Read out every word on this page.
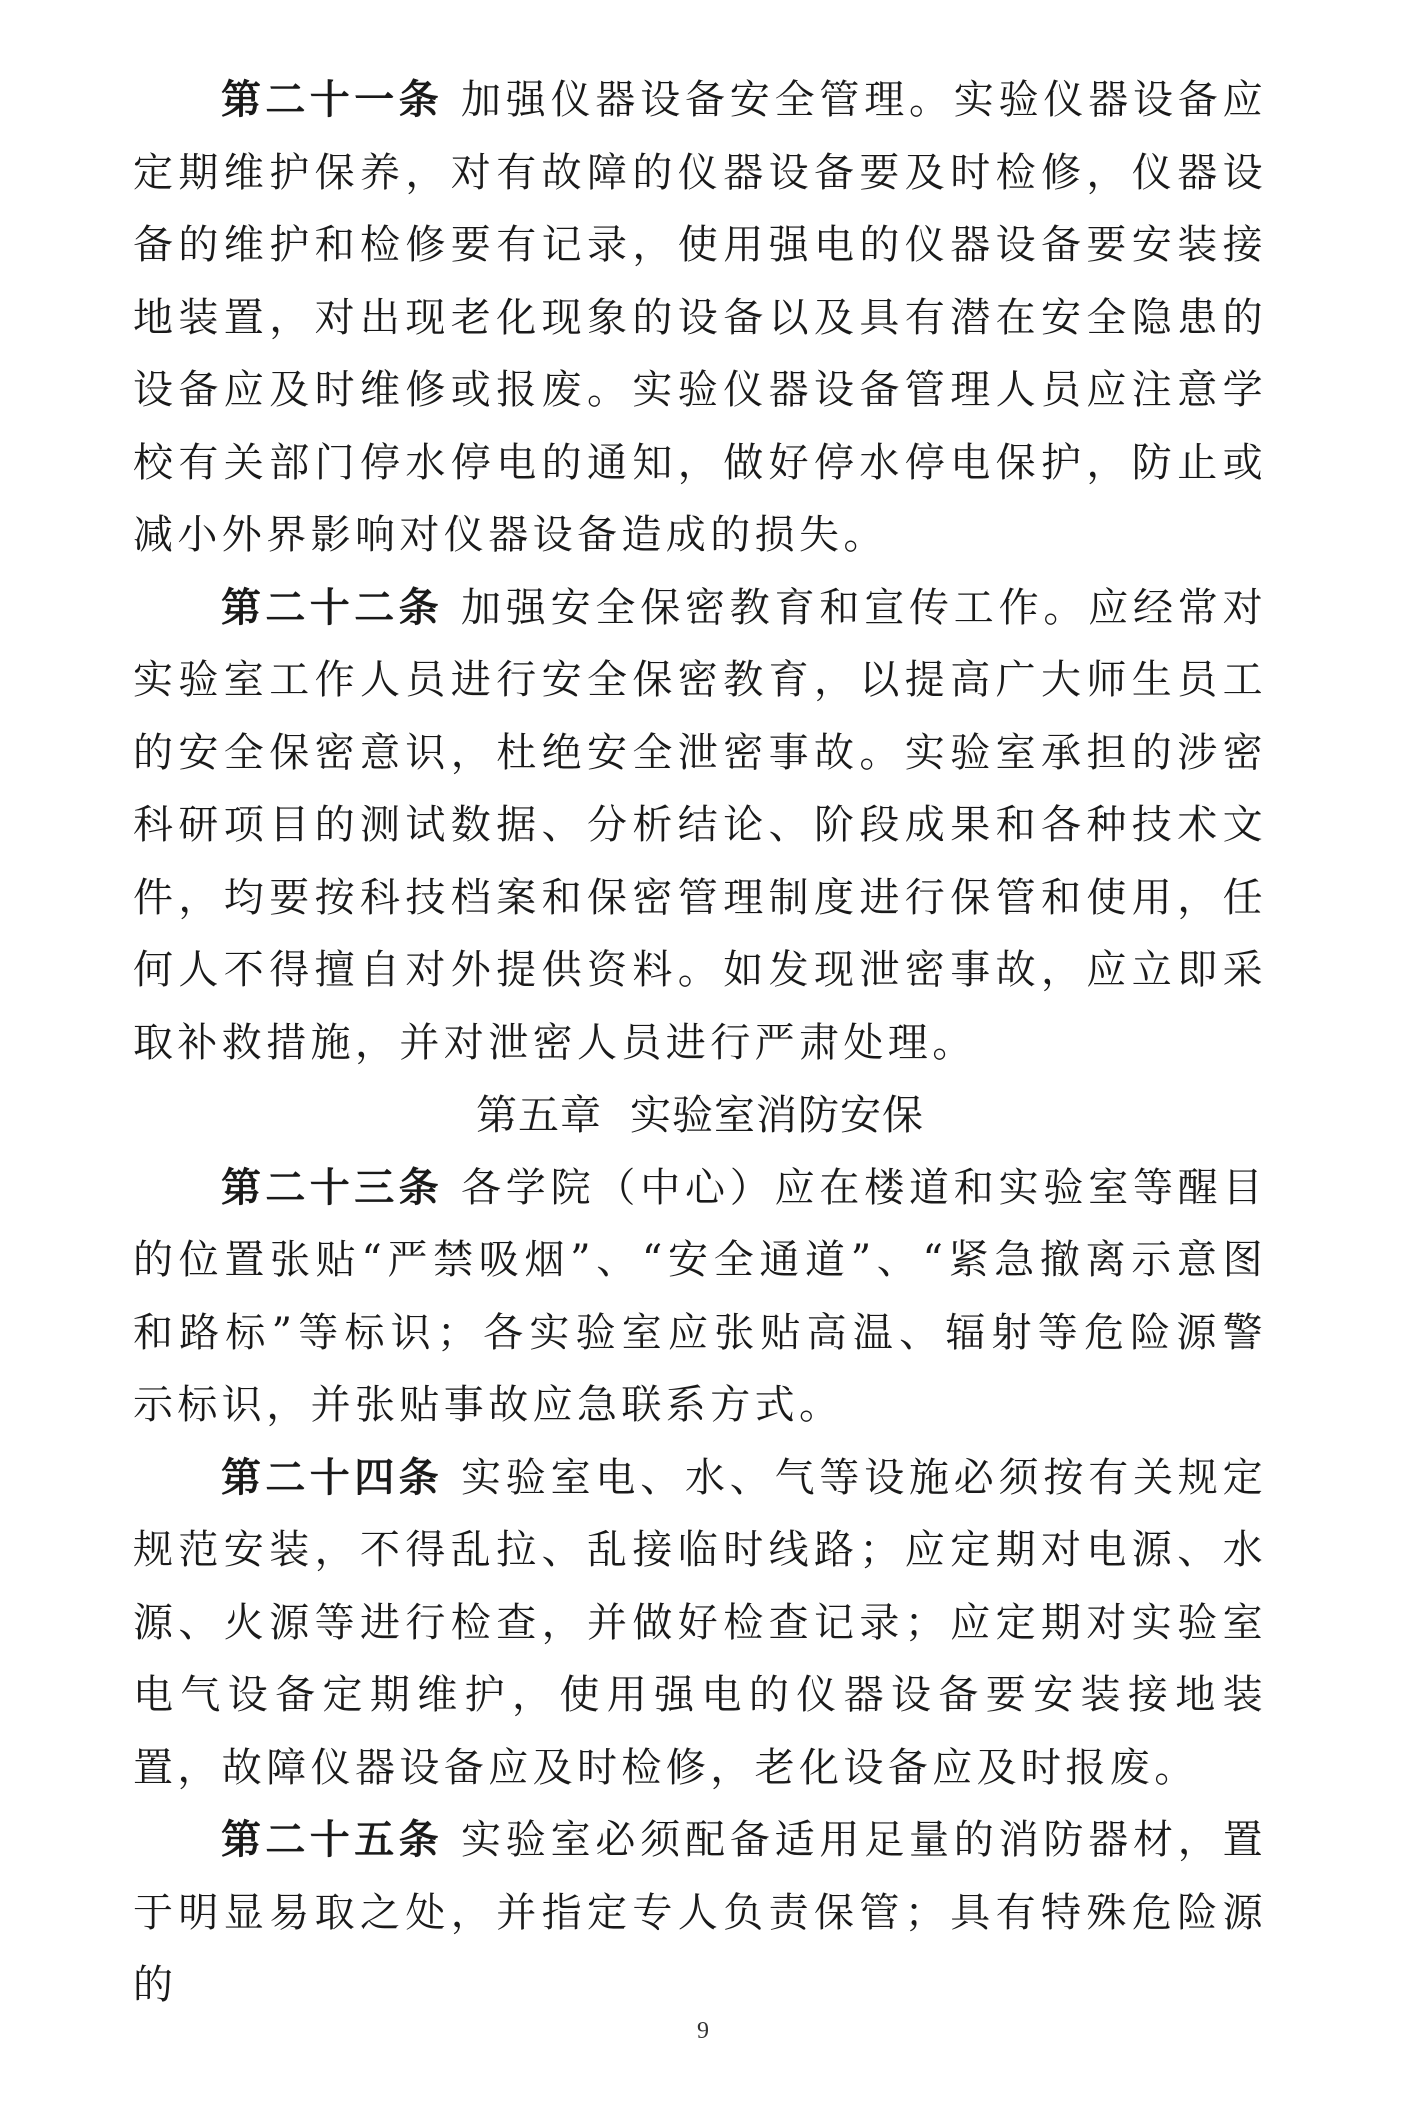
第二十一条 加强仪器设备安全管理。实验仪器设备应定期维护保养，对有故障的仪器设备要及时检修，仪器设备的维护和检修要有记录，使用强电的仪器设备要安装接地装置，对出现老化现象的设备以及具有潜在安全隐患的设备应及时维修或报废。实验仪器设备管理人员应注意学校有关部门停水停电的通知，做好停水停电保护，防止或减小外界影响对仪器设备造成的损失。

第二十二条 加强安全保密教育和宣传工作。应经常对实验室工作人员进行安全保密教育，以提高广大师生员工的安全保密意识，杜绝安全泄密事故。实验室承担的涉密科研项目的测试数据、分析结论、阶段成果和各种技术文件，均要按科技档案和保密管理制度进行保管和使用，任何人不得擅自对外提供资料。如发现泄密事故，应立即采取补救措施，并对泄密人员进行严肃处理。

第五章 实验室消防安保

第二十三条 各学院（中心）应在楼道和实验室等醒目的位置张贴“严禁吸烟”、“安全通道”、“紧急撤离示意图和路标”等标识；各实验室应张贴高温、辐射等危险源警示标识，并张贴事故应急联系方式。

第二十四条 实验室电、水、气等设施必须按有关规定规范安装，不得乱拉、乱接临时线路；应定期对电源、水源、火源等进行检查，并做好检查记录；应定期对实验室电气设备定期维护，使用强电的仪器设备要安装接地装置，故障仪器设备应及时检修，老化设备应及时报废。

第二十五条 实验室必须配备适用足量的消防器材，置于明显易取之处，并指定专人负责保管；具有特殊危险源的

9
